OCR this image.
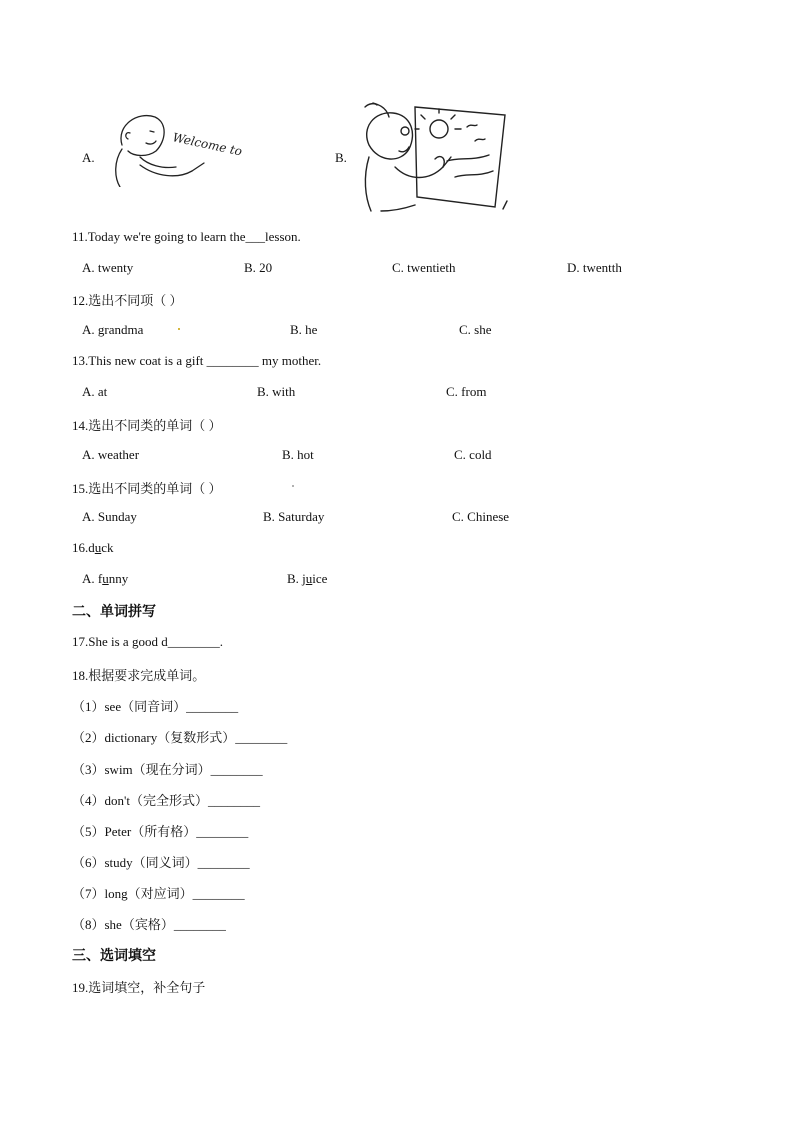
A.	B.
Welcome to
11.Today we're going to learn the___lesson.
A. twenty	B. 20	C. twentieth	D. twentth
12.选出不同项（ ）
A. grandma	B. he	C. she
13.This new coat is a gift ________ my mother.
A. at	B. with	C. from
14.选出不同类的单词（ ）
A. weather	B. hot	C. cold
15.选出不同类的单词（ ）
A. Sunday	B. Saturday	C. Chinese
16.duck
A. funny	B. juice
二、单词拼写
17.She is a good d________.
18.根据要求完成单词。
（1）see（同音词）________
（2）dictionary（复数形式）________
（3）swim（现在分词）________
（4）don't（完全形式）________
（5）Peter（所有格）________
（6）study（同义词）________
（7）long（对应词）________
（8）she（宾格）________
三、选词填空
19.选词填空，补全句子
